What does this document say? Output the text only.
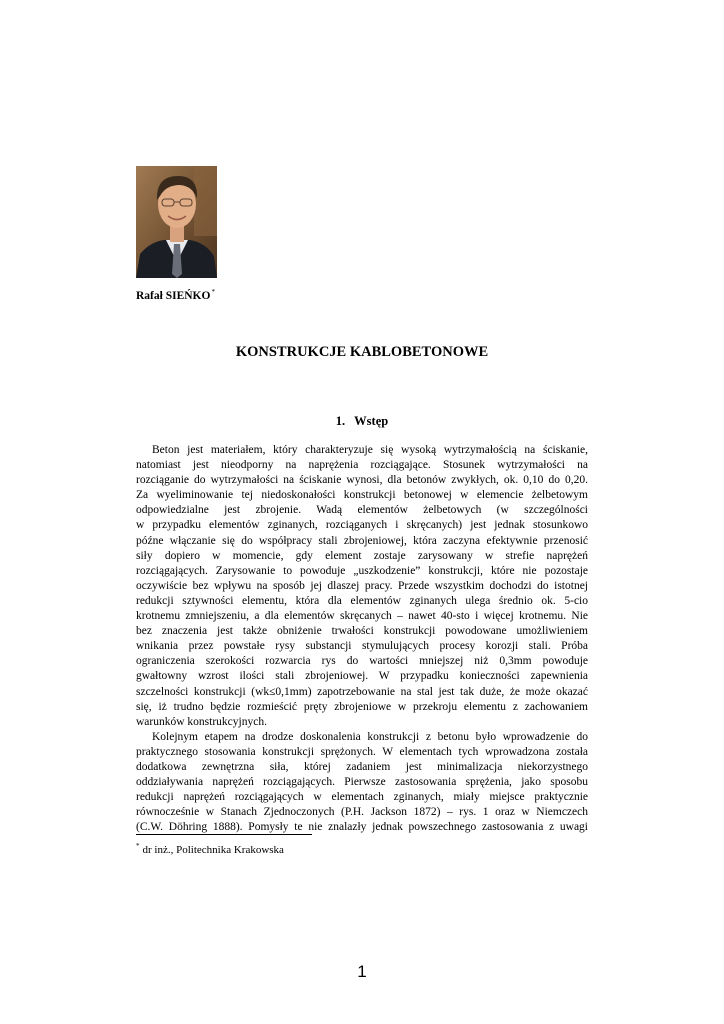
Rafał SIEŃKO*
KONSTRUKCJE KABLOBETONOWE
1. Wstęp
Beton jest materiałem, który charakteryzuje się wysoką wytrzymałością na ściskanie,
natomiast jest nieodporny na naprężenia rozciągające. Stosunek wytrzymałości na
rozciąganie do wytrzymałości na ściskanie wynosi, dla betonów zwykłych, ok. 0,10 do 0,20.
Za wyeliminowanie tej niedoskonałości konstrukcji betonowej w elemencie żelbetowym
odpowiedzialne jest zbrojenie. Wadą elementów żelbetowych (w szczególności
w przypadku elementów zginanych, rozciąganych i skręcanych) jest jednak stosunkowo
późne włączanie się do współpracy stali zbrojeniowej, która zaczyna efektywnie przenosić
siły dopiero w momencie, gdy element zostaje zarysowany w strefie naprężeń
rozciągających. Zarysowanie to powoduje „uszkodzenie” konstrukcji, które nie pozostaje
oczywiście bez wpływu na sposób jej dlaszej pracy. Przede wszystkim dochodzi do istotnej
redukcji sztywności elementu, która dla elementów zginanych ulega średnio ok. 5-cio
krotnemu zmniejszeniu, a dla elementów skręcanych – nawet 40-sto i więcej krotnemu. Nie
bez znaczenia jest także obniżenie trwałości konstrukcji powodowane umożliwieniem
wnikania przez powstałe rysy substancji stymulujących procesy korozji stali. Próba
ograniczenia szerokości rozwarcia rys do wartości mniejszej niż 0,3mm powoduje
gwałtowny wzrost ilości stali zbrojeniowej. W przypadku konieczności zapewnienia
szczelności konstrukcji (wk≤0,1mm) zapotrzebowanie na stal jest tak duże, że może okazać
się, iż trudno będzie rozmieścić pręty zbrojeniowe w przekroju elementu z zachowaniem
warunków konstrukcyjnych.
Kolejnym etapem na drodze doskonalenia konstrukcji z betonu było wprowadzenie do
praktycznego stosowania konstrukcji sprężonych. W elementach tych wprowadzona została
dodatkowa zewnętrzna siła, której zadaniem jest minimalizacja niekorzystnego
oddziaływania naprężeń rozciągających. Pierwsze zastosowania sprężenia, jako sposobu
redukcji naprężeń rozciągających w elementach zginanych, miały miejsce praktycznie
równocześnie w Stanach Zjednoczonych (P.H. Jackson 1872) – rys. 1 oraz w Niemczech
(C.W. Döhring 1888). Pomysły te nie znalazły jednak powszechnego zastosowania z uwagi
* dr inż., Politechnika Krakowska
1
